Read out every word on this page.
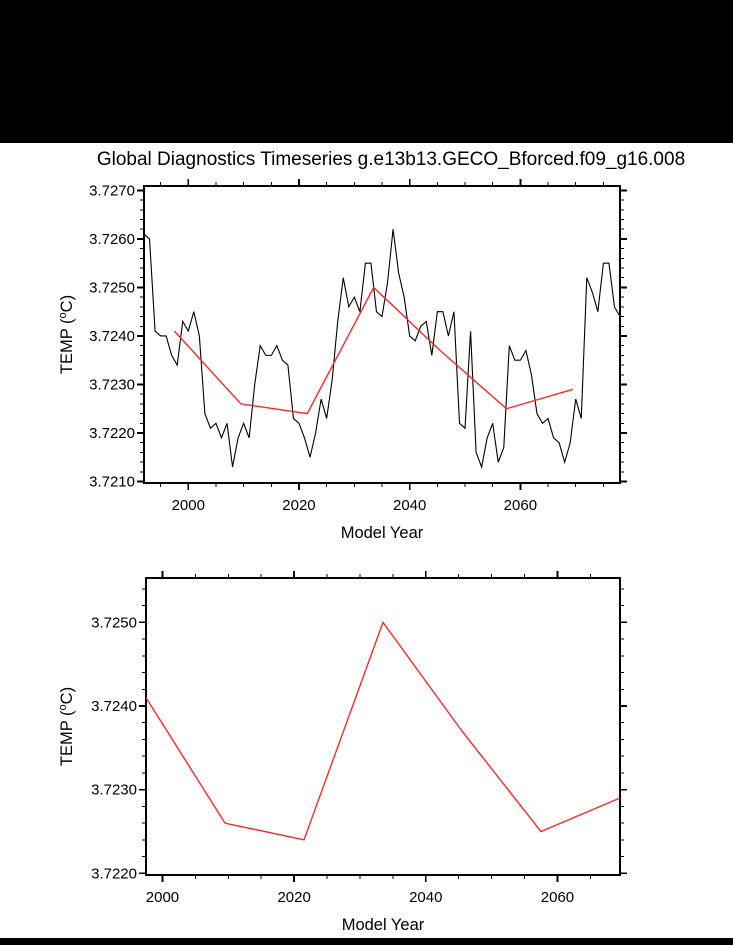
Global Diagnostics Timeseries g.e13b13.GECO_Bforced.f09_g16.008
2000	2020	2040	2060
3.7210
3.7220
3.7230
3.7240
3.7250
3.7260
3.7270
Model Year
TEMP ($^o$C)
2000	2020	2040	2060
3.7220
3.7230
3.7240
3.7250
Model Year
TEMP ($^o$C)
